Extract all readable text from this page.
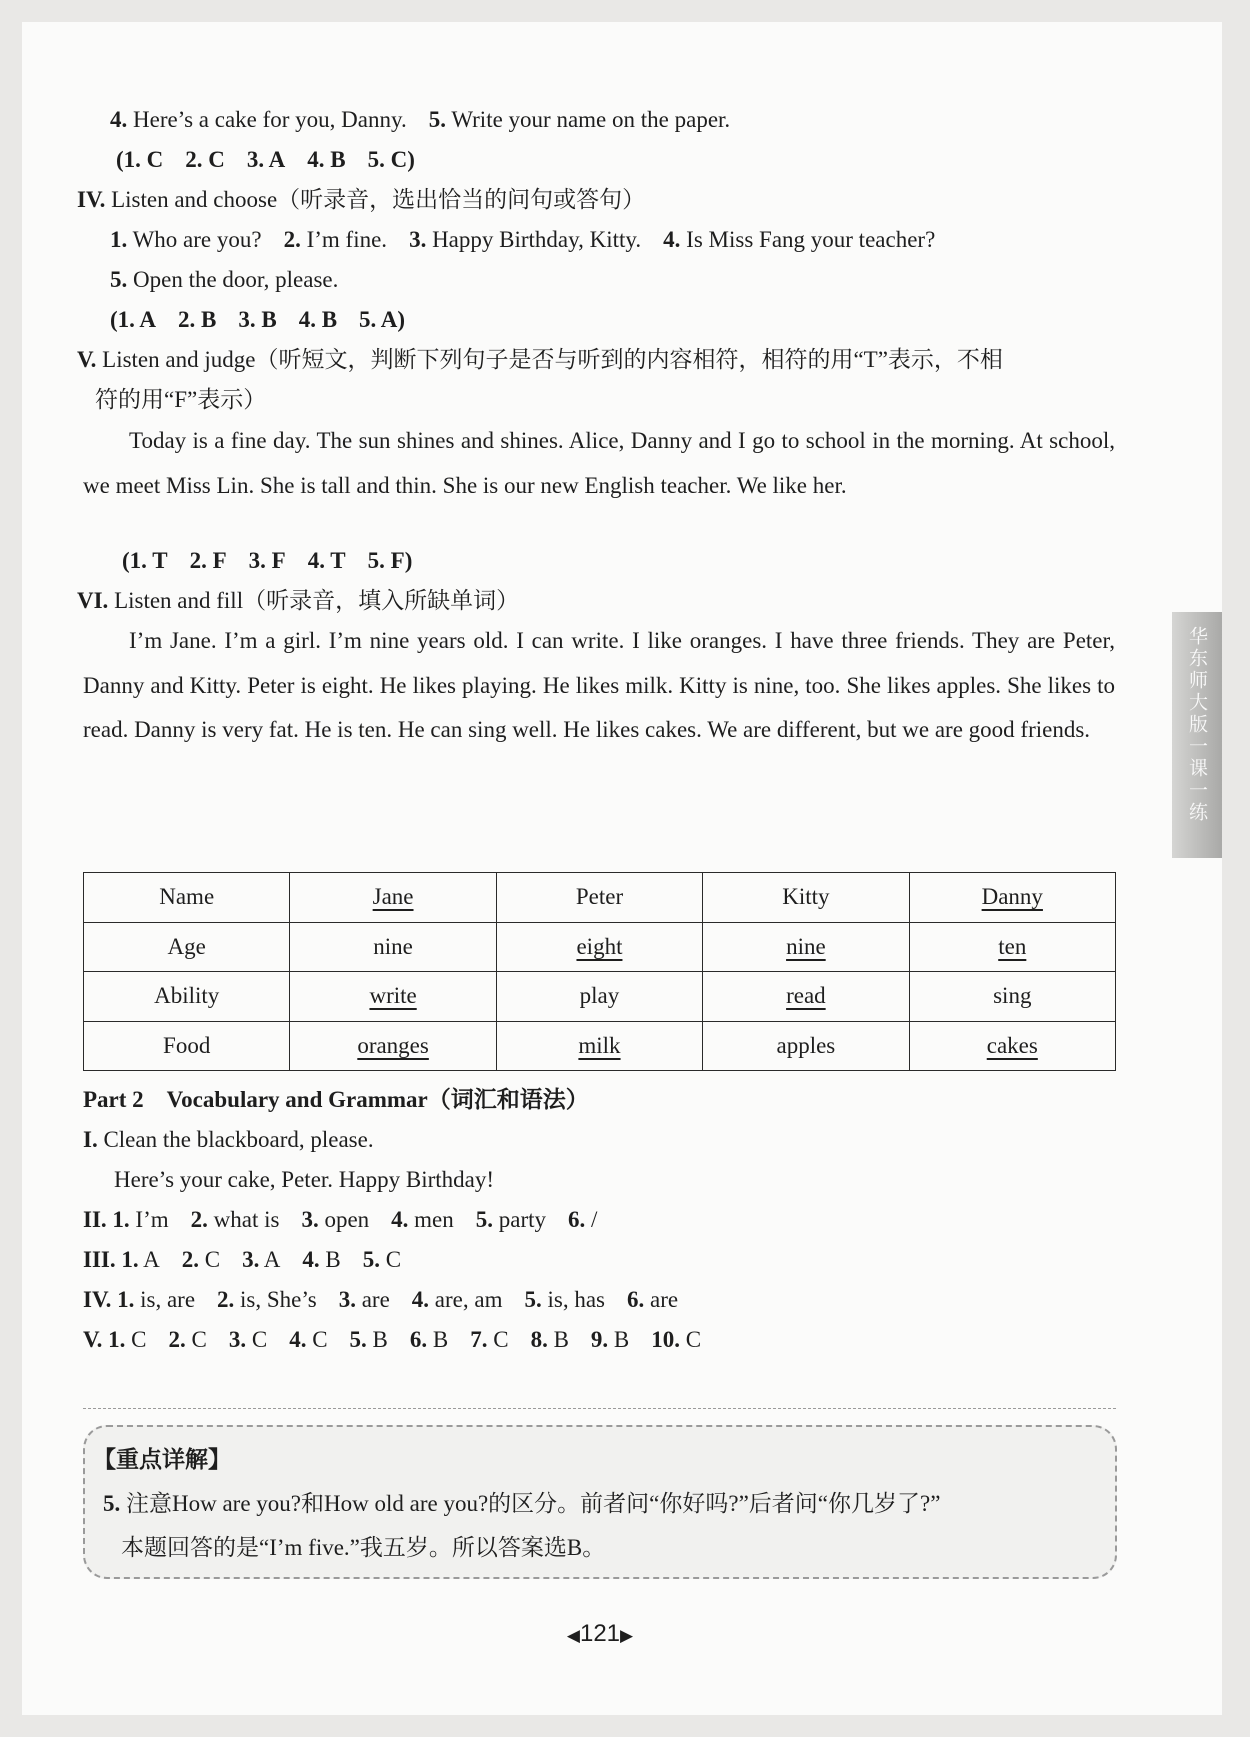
华东师大版一课一练
4. Here’s a cake for you, Danny. 5. Write your name on the paper.
(1. C 2. C 3. A 4. B 5. C)
IV. Listen and choose（听录音，选出恰当的问句或答句）
1. Who are you? 2. I’m fine. 3. Happy Birthday, Kitty. 4. Is Miss Fang your teacher?
5. Open the door, please.
(1. A 2. B 3. B 4. B 5. A)
V. Listen and judge（听短文，判断下列句子是否与听到的内容相符，相符的用“T”表示，不相
符的用“F”表示）
Today is a fine day. The sun shines and shines. Alice, Danny and I go to school in the morning. At school, we meet Miss Lin. She is tall and thin. She is our new English teacher. We like her.
(1. T 2. F 3. F 4. T 5. F)
VI. Listen and fill（听录音，填入所缺单词）
I’m Jane. I’m a girl. I’m nine years old. I can write. I like oranges. I have three friends. They are Peter, Danny and Kitty. Peter is eight. He likes playing. He likes milk. Kitty is nine, too. She likes apples. She likes to read. Danny is very fat. He is ten. He can sing well. He likes cakes. We are different, but we are good friends.
Name	Jane	Peter	Kitty	Danny
Age	nine	eight	nine	ten
Ability	write	play	read	sing
Food	oranges	milk	apples	cakes
Part 2　Vocabulary and Grammar（词汇和语法）
I. Clean the blackboard, please.
Here’s your cake, Peter. Happy Birthday!
II. 1. I’m 2. what is 3. open 4. men 5. party 6. /
III. 1. A 2. C 3. A 4. B 5. C
IV. 1. is, are 2. is, She’s 3. are 4. are, am 5. is, has 6. are
V. 1. C 2. C 3. C 4. C 5. B 6. B 7. C 8. B 9. B 10. C
【重点详解】
5. 注意How are you?和How old are you?的区分。前者问“你好吗?”后者问“你几岁了?”
本题回答的是“I’m five.”我五岁。所以答案选B。
◀121▶
